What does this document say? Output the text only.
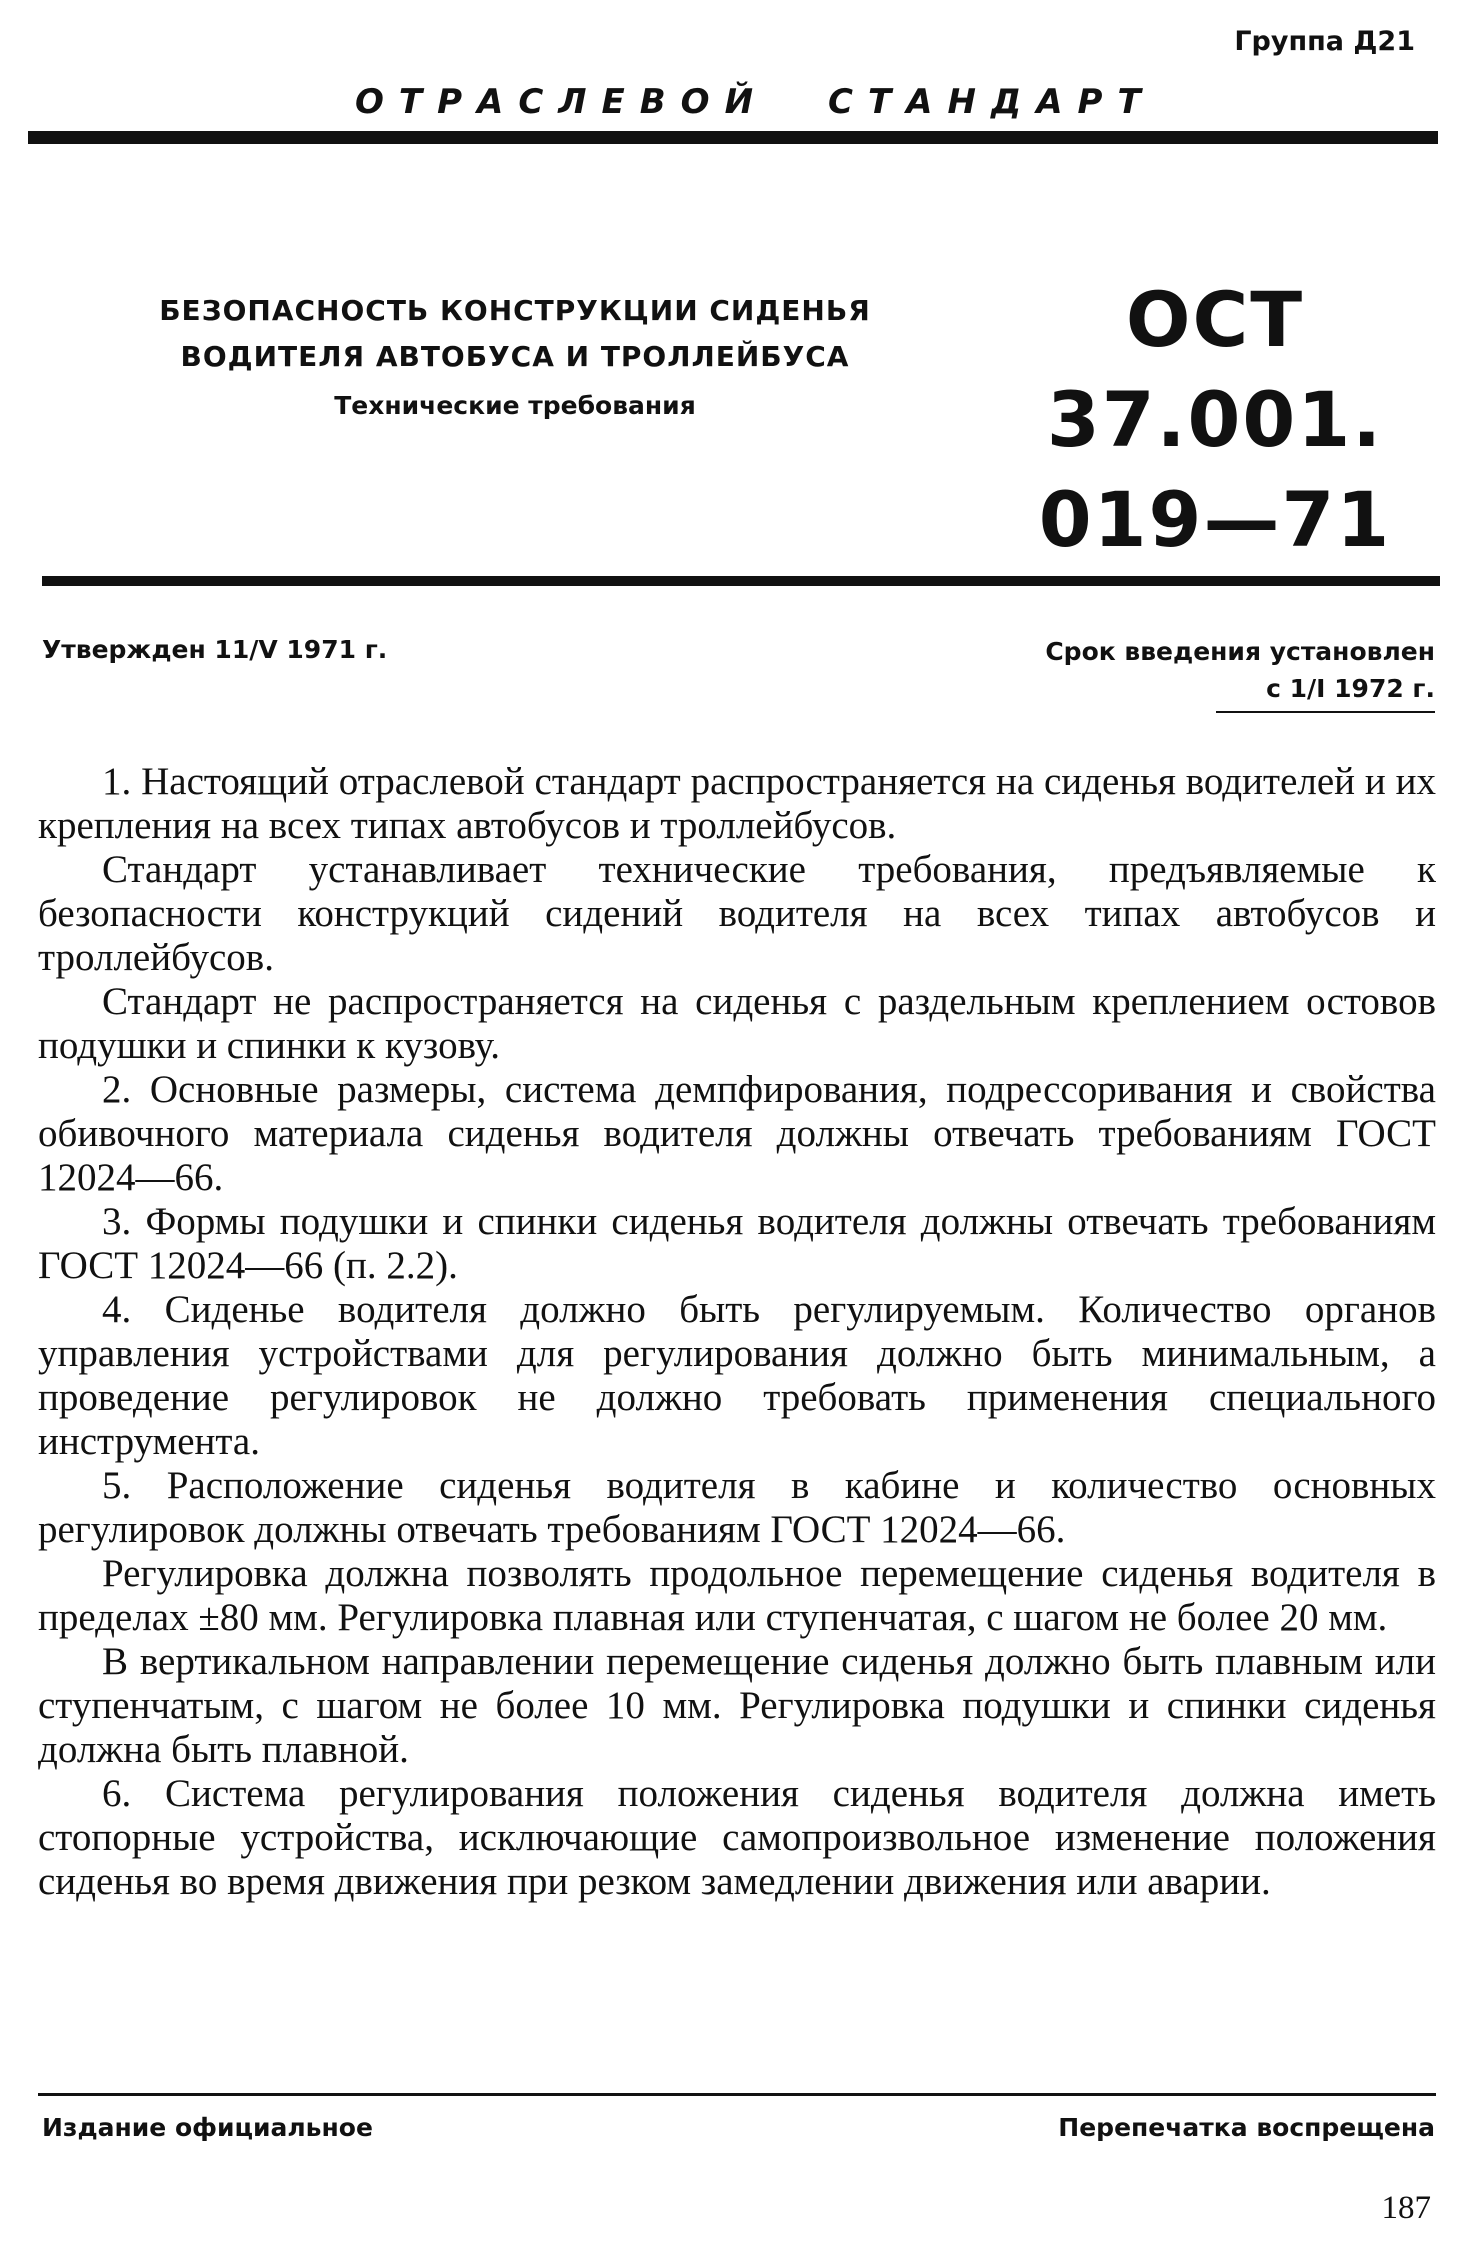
Группа Д21
ОТРАСЛЕВОЙ СТАНДАРТ
БЕЗОПАСНОСТЬ КОНСТРУКЦИИ СИДЕНЬЯ
ВОДИТЕЛЯ АВТОБУСА И ТРОЛЛЕЙБУСА
Технические требования
ОСТ 37.001.
019—71
Утвержден 11/V 1971 г.	Срок введения установлен
с 1/I 1972 г.

1. Настоящий отраслевой стандарт распространяется на сиденья водителей и их крепления на всех типах автобусов и троллейбусов.

Стандарт устанавливает технические требования, предъявляемые к безопасности конструкций сидений водителя на всех типах автобусов и троллейбусов.

Стандарт не распространяется на сиденья с раздельным креплением остовов подушки и спинки к кузову.

2. Основные размеры, система демпфирования, подрессоривания и свойства обивочного материала сиденья водителя должны отвечать требованиям ГОСТ 12024—66.

3. Формы подушки и спинки сиденья водителя должны отвечать требованиям ГОСТ 12024—66 (п. 2.2).

4. Сиденье водителя должно быть регулируемым. Количество органов управления устройствами для регулирования должно быть минимальным, а проведение регулировок не должно требовать применения специального инструмента.

5. Расположение сиденья водителя в кабине и количество основных регулировок должны отвечать требованиям ГОСТ 12024—66.

Регулировка должна позволять продольное перемещение сиденья водителя в пределах ±80 мм. Регулировка плавная или ступенчатая, с шагом не более 20 мм.

В вертикальном направлении перемещение сиденья должно быть плавным или ступенчатым, с шагом не более 10 мм. Регулировка подушки и спинки сиденья должна быть плавной.

6. Система регулирования положения сиденья водителя должна иметь стопорные устройства, исключающие самопроизвольное изменение положения сиденья во время движения при резком замедлении движения или аварии.

Издание официальное	Перепечатка воспрещена
187
